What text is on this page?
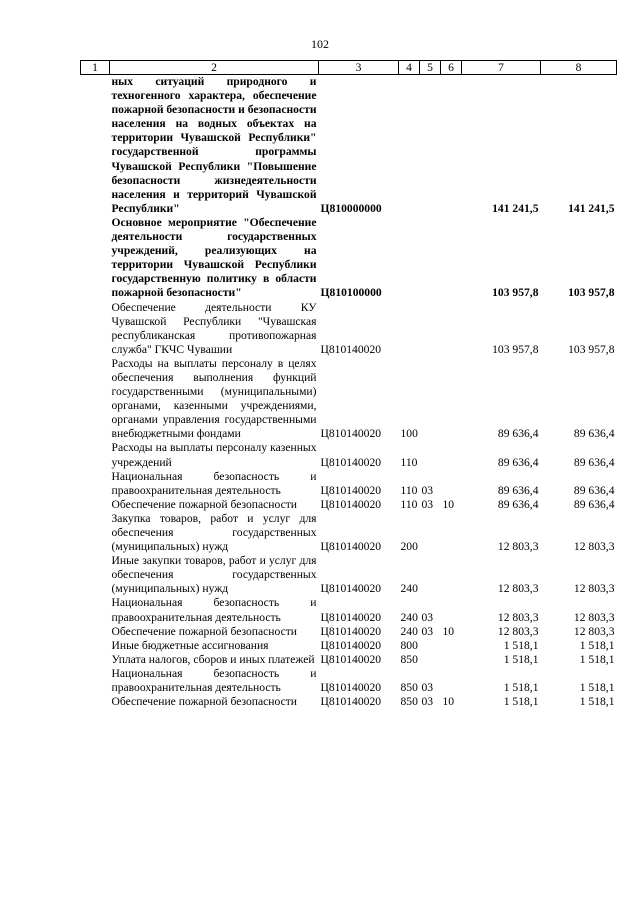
102
1	2	3	4	5	6	7	8
	ных ситуаций природного и техногенного характера, обеспечение пожарной безопасности и безопасности населения на водных объектах на территории Чувашской Республики" государственной программы Чувашской Республики "Повышение безопасности жизнедеятельности населения и территорий Чувашской Республики"	Ц810000000				141 241,5	141 241,5
	Основное мероприятие "Обеспечение деятельности государственных учреждений, реализующих на территории Чувашской Республики государственную политику в области пожарной безопасности"	Ц810100000				103 957,8	103 957,8
	Обеспечение деятельности КУ Чувашской Республики "Чувашская республиканская противопожарная служба" ГКЧС Чувашии	Ц810140020				103 957,8	103 957,8
	Расходы на выплаты персоналу в целях обеспечения выполнения функций государственными (муниципальными) органами, казенными учреждениями, органами управления государственными внебюджетными фондами	Ц810140020	100			89 636,4	89 636,4
	Расходы на выплаты персоналу казенных учреждений	Ц810140020	110			89 636,4	89 636,4
	Национальная безопасность и правоохранительная деятельность	Ц810140020	110	03		89 636,4	89 636,4
	Обеспечение пожарной безопасности	Ц810140020	110	03	10	89 636,4	89 636,4
	Закупка товаров, работ и услуг для обеспечения государственных (муниципальных) нужд	Ц810140020	200			12 803,3	12 803,3
	Иные закупки товаров, работ и услуг для обеспечения государственных (муниципальных) нужд	Ц810140020	240			12 803,3	12 803,3
	Национальная безопасность и правоохранительная деятельность	Ц810140020	240	03		12 803,3	12 803,3
	Обеспечение пожарной безопасности	Ц810140020	240	03	10	12 803,3	12 803,3
	Иные бюджетные ассигнования	Ц810140020	800			1 518,1	1 518,1
	Уплата налогов, сборов и иных платежей	Ц810140020	850			1 518,1	1 518,1
	Национальная безопасность и правоохранительная деятельность	Ц810140020	850	03		1 518,1	1 518,1
	Обеспечение пожарной безопасности	Ц810140020	850	03	10	1 518,1	1 518,1
